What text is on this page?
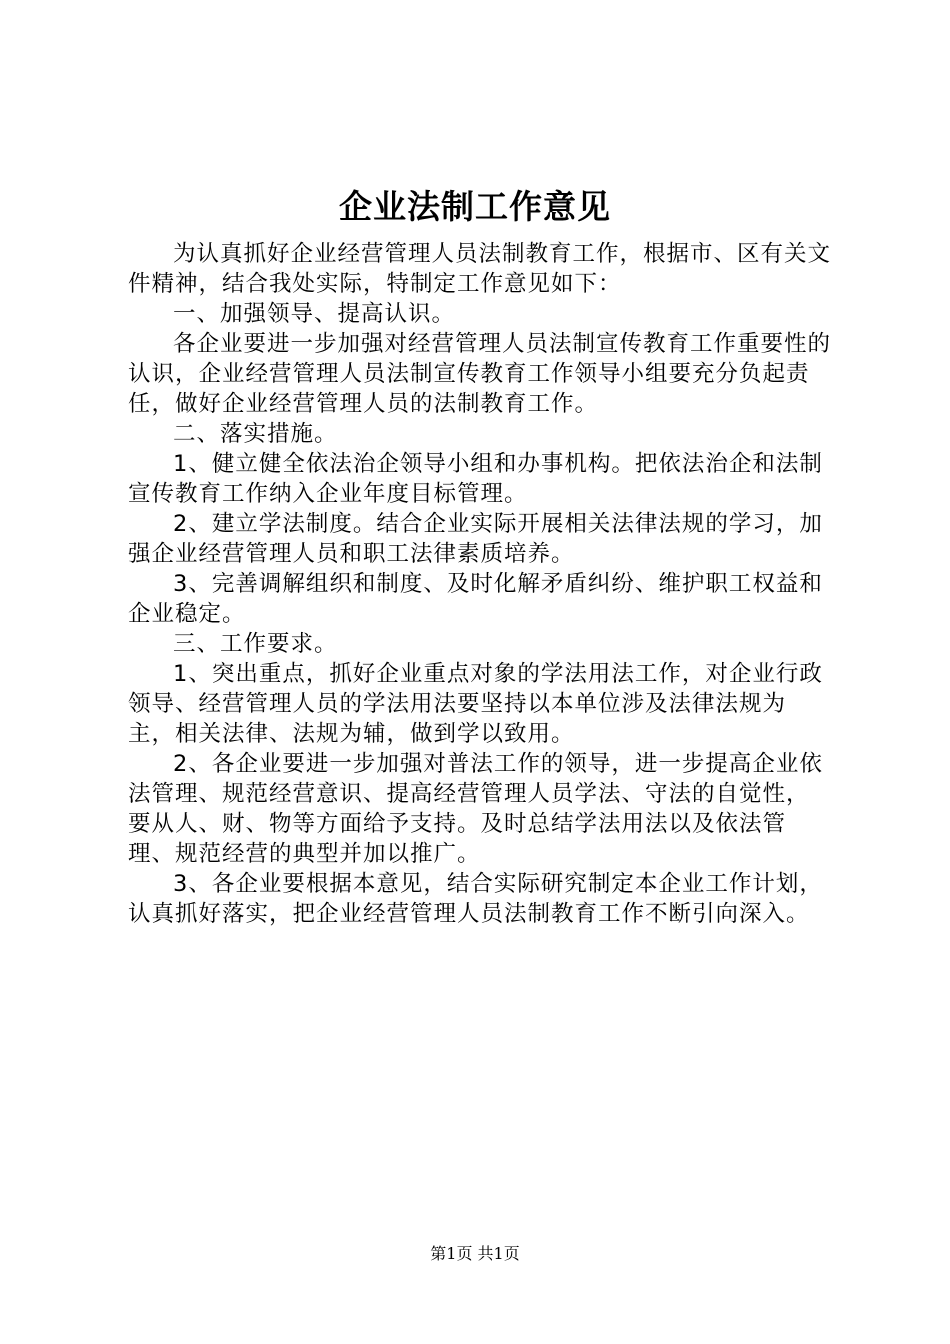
企业法制工作意见

为认真抓好企业经营管理人员法制教育工作，根据市、区有关文件精神，结合我处实际，特制定工作意见如下：

一、加强领导、提高认识。

各企业要进一步加强对经营管理人员法制宣传教育工作重要性的认识，企业经营管理人员法制宣传教育工作领导小组要充分负起责任，做好企业经营管理人员的法制教育工作。

二、落实措施。

1、健立健全依法治企领导小组和办事机构。把依法治企和法制宣传教育工作纳入企业年度目标管理。

2、建立学法制度。结合企业实际开展相关法律法规的学习，加强企业经营管理人员和职工法律素质培养。

3、完善调解组织和制度、及时化解矛盾纠纷、维护职工权益和企业稳定。

三、工作要求。

1、突出重点，抓好企业重点对象的学法用法工作，对企业行政领导、经营管理人员的学法用法要坚持以本单位涉及法律法规为主，相关法律、法规为辅，做到学以致用。

2、各企业要进一步加强对普法工作的领导，进一步提高企业依法管理、规范经营意识、提高经营管理人员学法、守法的自觉性，要从人、财、物等方面给予支持。及时总结学法用法以及依法管理、规范经营的典型并加以推广。

3、各企业要根据本意见，结合实际研究制定本企业工作计划，认真抓好落实，把企业经营管理人员法制教育工作不断引向深入。

第1页 共1页
